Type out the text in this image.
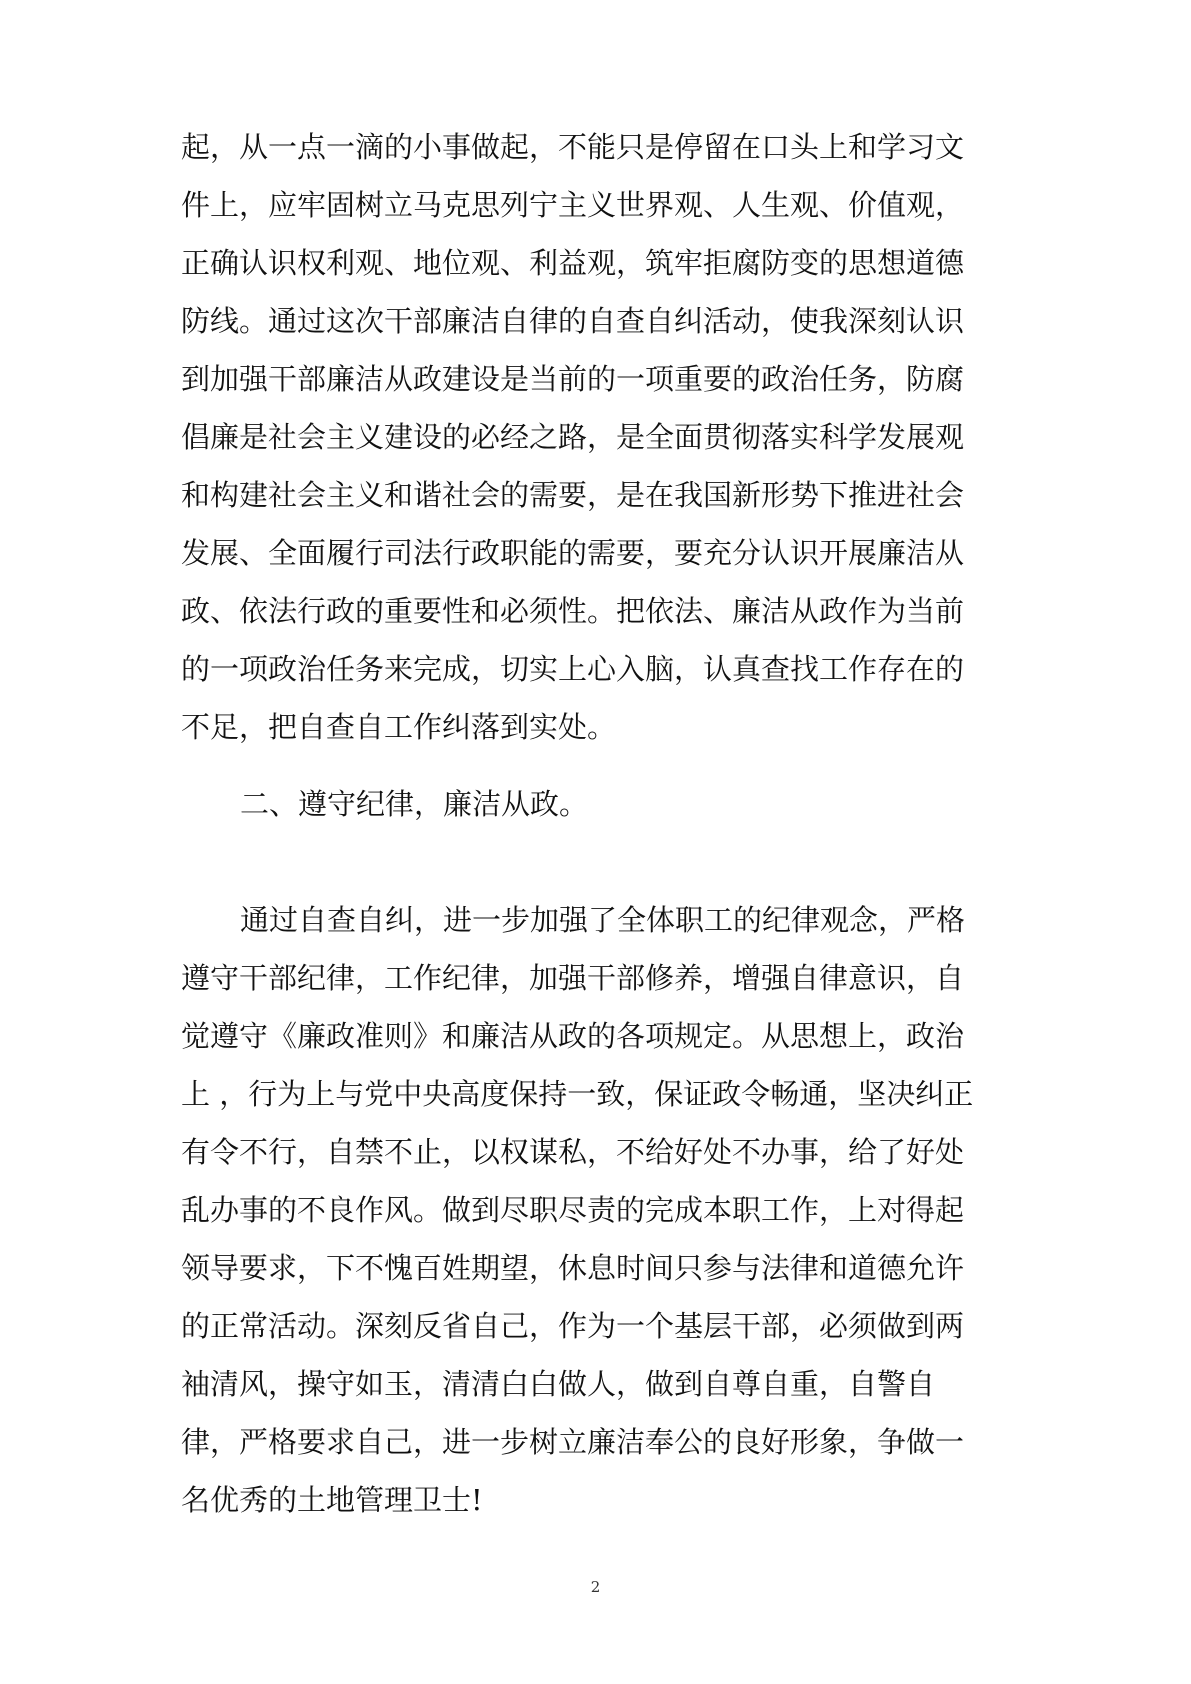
起，从一点一滴的小事做起，不能只是停留在口头上和学习文
件上，应牢固树立马克思列宁主义世界观、人生观、价值观，
正确认识权利观、地位观、利益观，筑牢拒腐防变的思想道德
防线。通过这次干部廉洁自律的自查自纠活动，使我深刻认识
到加强干部廉洁从政建设是当前的一项重要的政治任务，防腐
倡廉是社会主义建设的必经之路，是全面贯彻落实科学发展观
和构建社会主义和谐社会的需要，是在我国新形势下推进社会
发展、全面履行司法行政职能的需要，要充分认识开展廉洁从
政、依法行政的重要性和必须性。把依法、廉洁从政作为当前
的一项政治任务来完成，切实上心入脑，认真查找工作存在的
不足，把自查自工作纠落到实处。
二、遵守纪律，廉洁从政。
通过自查自纠，进一步加强了全体职工的纪律观念，严格
遵守干部纪律，工作纪律，加强干部修养，增强自律意识，自
觉遵守《廉政准则》和廉洁从政的各项规定。从思想上，政治
上 ，行为上与党中央高度保持一致，保证政令畅通，坚决纠正
有令不行，自禁不止，以权谋私，不给好处不办事，给了好处
乱办事的不良作风。做到尽职尽责的完成本职工作，上对得起
领导要求，下不愧百姓期望，休息时间只参与法律和道德允许
的正常活动。深刻反省自己，作为一个基层干部，必须做到两
袖清风，操守如玉，清清白白做人，做到自尊自重，自警自
律，严格要求自己，进一步树立廉洁奉公的良好形象，争做一
名优秀的土地管理卫士!
2
